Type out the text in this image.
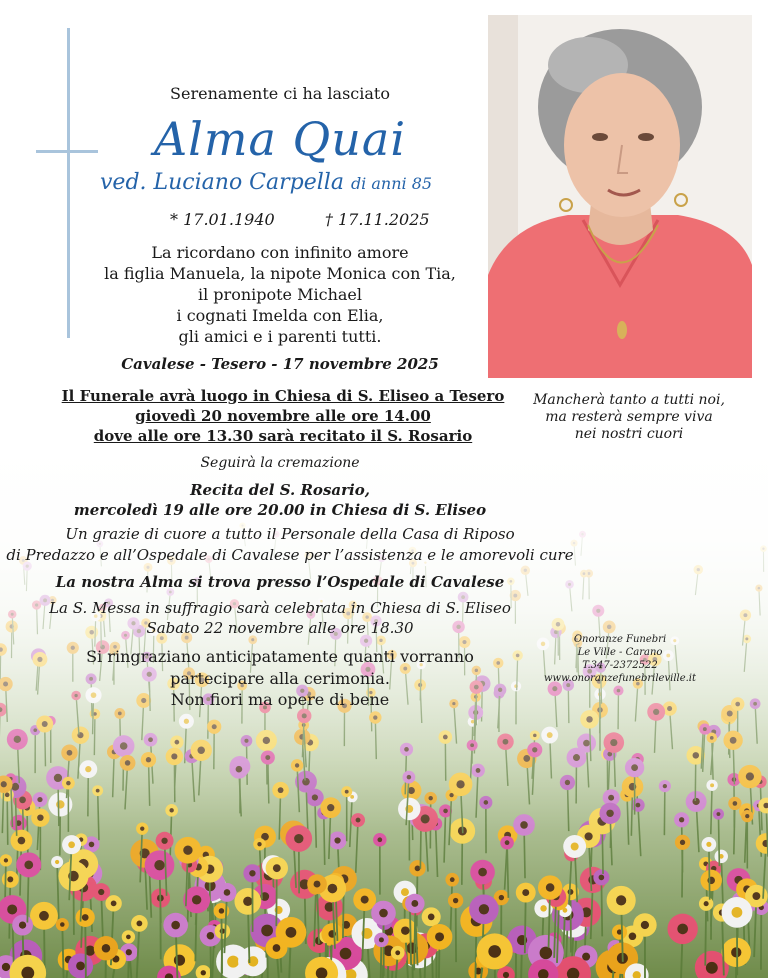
Serenamente ci ha lasciato
Alma Quai
ved. Luciano Carpella di anni 85
* 17.01.1940	† 17.11.2025
La ricordano con infinito amore
la figlia Manuela, la nipote Monica con Tia,
il pronipote Michael
i cognati Imelda con Elia,
gli amici e i parenti tutti.
Cavalese - Tesero - 17 novembre 2025
Il Funerale avrà luogo in Chiesa di S. Eliseo a Tesero
giovedì 20 novembre alle ore 14.00
dove alle ore 13.30 sarà recitato il S. Rosario
Seguirà la cremazione
Recita del S. Rosario,
mercoledì 19 alle ore 20.00 in Chiesa di S. Eliseo
Un grazie di cuore a tutto il Personale della Casa di Riposo
di Predazzo e all’Ospedale di Cavalese per l’assistenza e le amorevoli cure
La nostra Alma si trova presso l’Ospedale di Cavalese
La S. Messa in suffragio sarà celebrata in Chiesa di S. Eliseo
Sabato 22 novembre alle ore 18.30
Si ringraziano anticipatamente quanti vorranno
partecipare alla cerimonia.
Non fiori ma opere di bene
Mancherà tanto a tutti noi,
ma resterà sempre viva
nei nostri cuori
Onoranze Funebri
Le Ville - Carano
T.347-2372522
www.onoranzefunebrileville.it
